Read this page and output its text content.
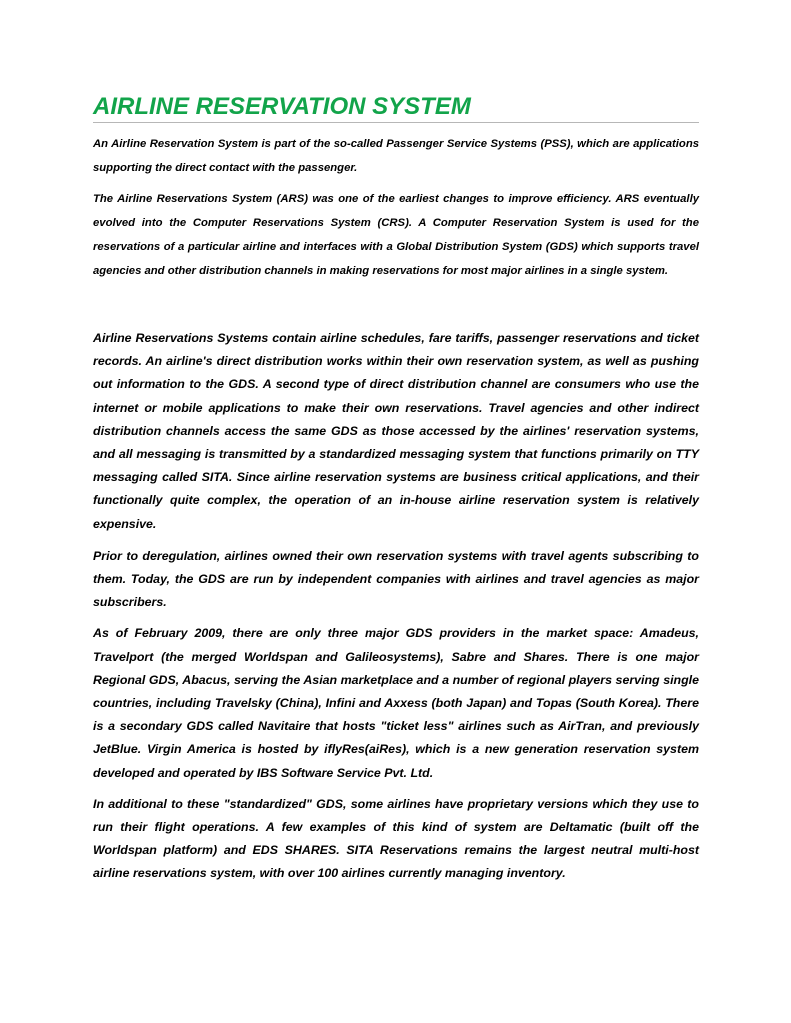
AIRLINE RESERVATION SYSTEM

An Airline Reservation System is part of the so-called Passenger Service Systems (PSS), which are applications supporting the direct contact with the passenger.

The Airline Reservations System (ARS) was one of the earliest changes to improve efficiency. ARS eventually evolved into the Computer Reservations System (CRS). A Computer Reservation System is used for the reservations of a particular airline and interfaces with a Global Distribution System (GDS) which supports travel agencies and other distribution channels in making reservations for most major airlines in a single system.

Airline Reservations Systems contain airline schedules, fare tariffs, passenger reservations and ticket records. An airline's direct distribution works within their own reservation system, as well as pushing out information to the GDS. A second type of direct distribution channel are consumers who use the internet or mobile applications to make their own reservations. Travel agencies and other indirect distribution channels access the same GDS as those accessed by the airlines' reservation systems, and all messaging is transmitted by a standardized messaging system that functions primarily on TTY messaging called SITA. Since airline reservation systems are business critical applications, and their functionally quite complex, the operation of an in-house airline reservation system is relatively expensive.

Prior to deregulation, airlines owned their own reservation systems with travel agents subscribing to them. Today, the GDS are run by independent companies with airlines and travel agencies as major subscribers.

As of February 2009, there are only three major GDS providers in the market space: Amadeus, Travelport (the merged Worldspan and Galileosystems), Sabre and Shares. There is one major Regional GDS, Abacus, serving the Asian marketplace and a number of regional players serving single countries, including Travelsky (China), Infini and Axxess (both Japan) and Topas (South Korea). There is a secondary GDS called Navitaire that hosts "ticket less" airlines such as AirTran, and previously JetBlue. Virgin America is hosted by iflyRes(aiRes), which is a new generation reservation system developed and operated by IBS Software Service Pvt. Ltd.

In additional to these "standardized" GDS, some airlines have proprietary versions which they use to run their flight operations. A few examples of this kind of system are Deltamatic (built off the Worldspan platform) and EDS SHARES. SITA Reservations remains the largest neutral multi-host airline reservations system, with over 100 airlines currently managing inventory.
